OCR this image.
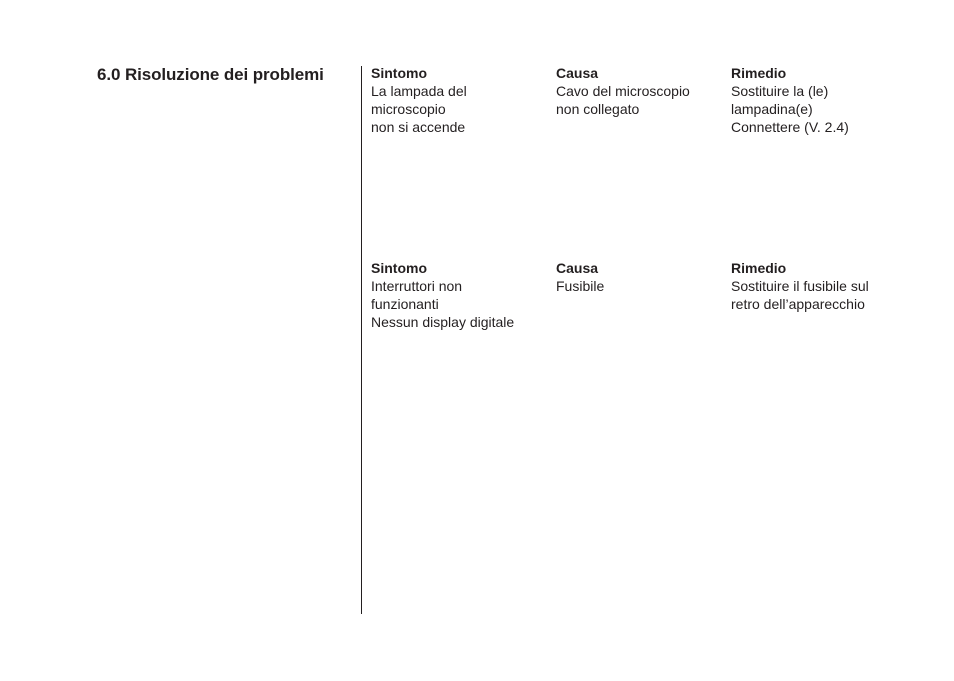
6.0 Risoluzione dei problemi	Sintomo
La lampada del
microscopio
non si accende
Causa
Cavo del microscopio
non collegato
Rimedio
Sostituire la (le)
lampadina(e)
Connettere (V. 2.4)
Sintomo
Interruttori non
funzionanti
Nessun display digitale
Causa
Fusibile
Rimedio
Sostituire il fusibile sul
retro dell’apparecchio
